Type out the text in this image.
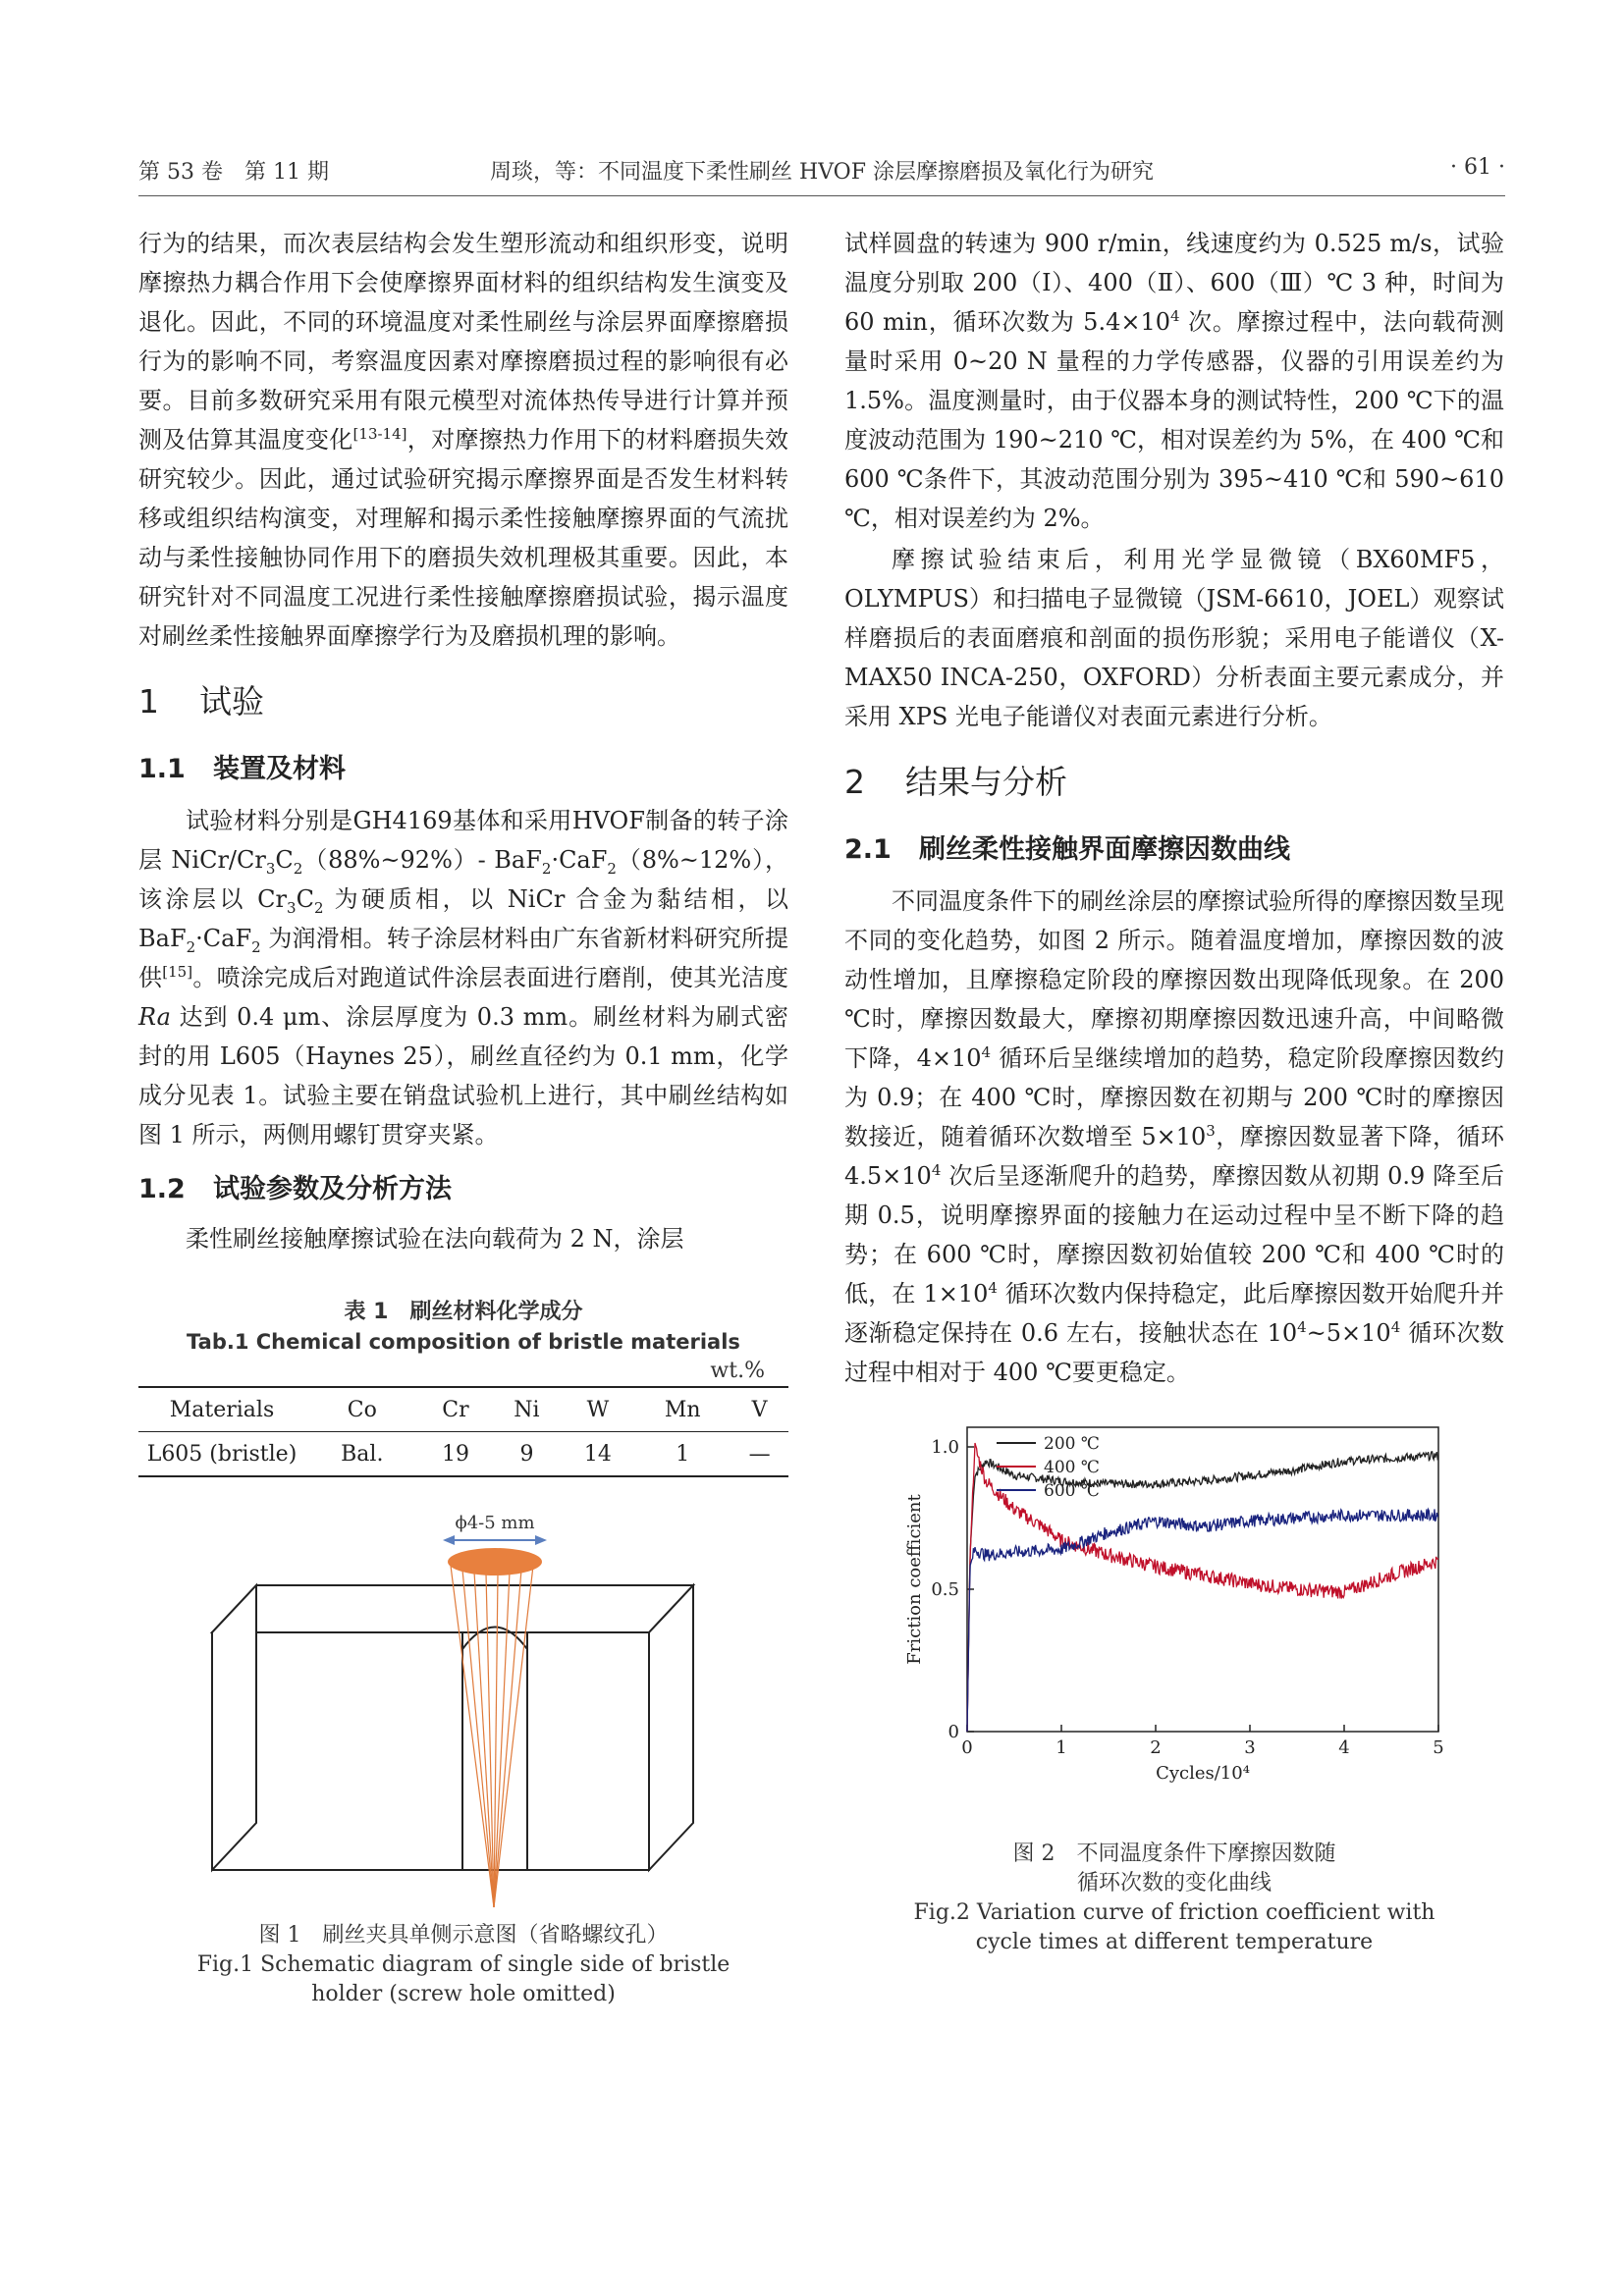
第 53 卷　第 11 期	周琰，等：不同温度下柔性刷丝 HVOF 涂层摩擦磨损及氧化行为研究	· 61 ·

行为的结果，而次表层结构会发生塑形流动和组织形变，说明摩擦热力耦合作用下会使摩擦界面材料的组织结构发生演变及退化。因此，不同的环境温度对柔性刷丝与涂层界面摩擦磨损行为的影响不同，考察温度因素对摩擦磨损过程的影响很有必要。目前多数研究采用有限元模型对流体热传导进行计算并预测及估算其温度变化[13-14]，对摩擦热力作用下的材料磨损失效研究较少。因此，通过试验研究揭示摩擦界面是否发生材料转移或组织结构演变，对理解和揭示柔性接触摩擦界面的气流扰动与柔性接触协同作用下的磨损失效机理极其重要。因此，本研究针对不同温度工况进行柔性接触摩擦磨损试验，揭示温度对刷丝柔性接触界面摩擦学行为及磨损机理的影响。

1 试验
1.1 装置及材料

试验材料分别是GH4169基体和采用HVOF制备的转子涂层 NiCr/$Cr_3C_2(88\%\sim 92\%)-$ BaF$_2$·CaF$_2$（8%~12%），该涂层以 $Cr_3C_2$ 为硬质相，以 NiCr 合金为黏结相，以 BaF$_2$·CaF$_2$ 为润滑相。转子涂层材料由广东省新材料研究所提供[15]。喷涂完成后对跑道试件涂层表面进行磨削，使其光洁度 Ra 达到 0.4 μm、涂层厚度为 0.3 mm。刷丝材料为刷式密封的用 L605（Haynes 25），刷丝直径约为 0.1 mm，化学成分见表 1。试验主要在销盘试验机上进行，其中刷丝结构如图 1 所示，两侧用螺钉贯穿夹紧。

1.2 试验参数及分析方法

柔性刷丝接触摩擦试验在法向载荷为 2 N，涂层

表 1　刷丝材料化学成分

Tab.1 Chemical composition of bristle materials

wt.%

Materials	Co	Cr	Ni	W	Mn	V
L605 (bristle)	Bal.	19	9	14	1	—
ϕ4-5 mm

图 1　刷丝夹具单侧示意图（省略螺纹孔）

Fig.1 Schematic diagram of single side of bristle

holder (screw hole omitted)

试样圆盘的转速为 900 r/min，线速度约为 0.525 m/s，试验温度分别取 200（Ⅰ）、400（Ⅱ）、600（Ⅲ）℃ 3 种，时间为 60 min，循环次数为 $5.4\times 10^4$ 次。摩擦过程中，法向载荷测量时采用 0~20 N 量程的力学传感器，仪器的引用误差约为 1.5%。温度测量时，由于仪器本身的测试特性，200 ℃下的温度波动范围为 190~210 ℃，相对误差约为 5%，在 400 ℃和 600 ℃条件下，其波动范围分别为 395~410 ℃和 590~610 ℃，相对误差约为 2%。

摩擦试验结束后，利用光学显微镜（BX60MF5，OLYMPUS）和扫描电子显微镜（JSM-6610，JOEL）观察试样磨损后的表面磨痕和剖面的损伤形貌；采用电子能谱仪（X-MAX50 INCA-250，OXFORD）分析表面主要元素成分，并采用 XPS 光电子能谱仪对表面元素进行分析。

2 结果与分析
2.1 刷丝柔性接触界面摩擦因数曲线

不同温度条件下的刷丝涂层的摩擦试验所得的摩擦因数呈现不同的变化趋势，如图 2 所示。随着温度增加，摩擦因数的波动性增加，且摩擦稳定阶段的摩擦因数出现降低现象。在 200 ℃时，摩擦因数最大，摩擦初期摩擦因数迅速升高，中间略微下降，$4\times 10^4$ 循环后呈继续增加的趋势，稳定阶段摩擦因数约为 0.9；在 400 ℃时，摩擦因数在初期与 200 ℃时的摩擦因数接近，随着循环次数增至 $5\times 10^3$，摩擦因数显著下降，循环 $4.5\times 10^4$ 次后呈逐渐爬升的趋势，摩擦因数从初期 0.9 降至后期 0.5，说明摩擦界面的接触力在运动过程中呈不断下降的趋势；在 600 ℃时，摩擦因数初始值较 200 ℃和 400 ℃时的低，在 $1\times 10^4$ 循环次数内保持稳定，此后摩擦因数开始爬升并逐渐稳定保持在 0.6 左右，接触状态在 $10^4\sim 5\times 10^4$ 循环次数过程中相对于 400 ℃要更稳定。

0	1	2	3	4	5
0
0.5
1.0
Cycles/10⁴
Friction coefficient
200 ℃
400 ℃
600 ℃

图 2　不同温度条件下摩擦因数随

循环次数的变化曲线

Fig.2 Variation curve of friction coefficient with

cycle times at different temperature
